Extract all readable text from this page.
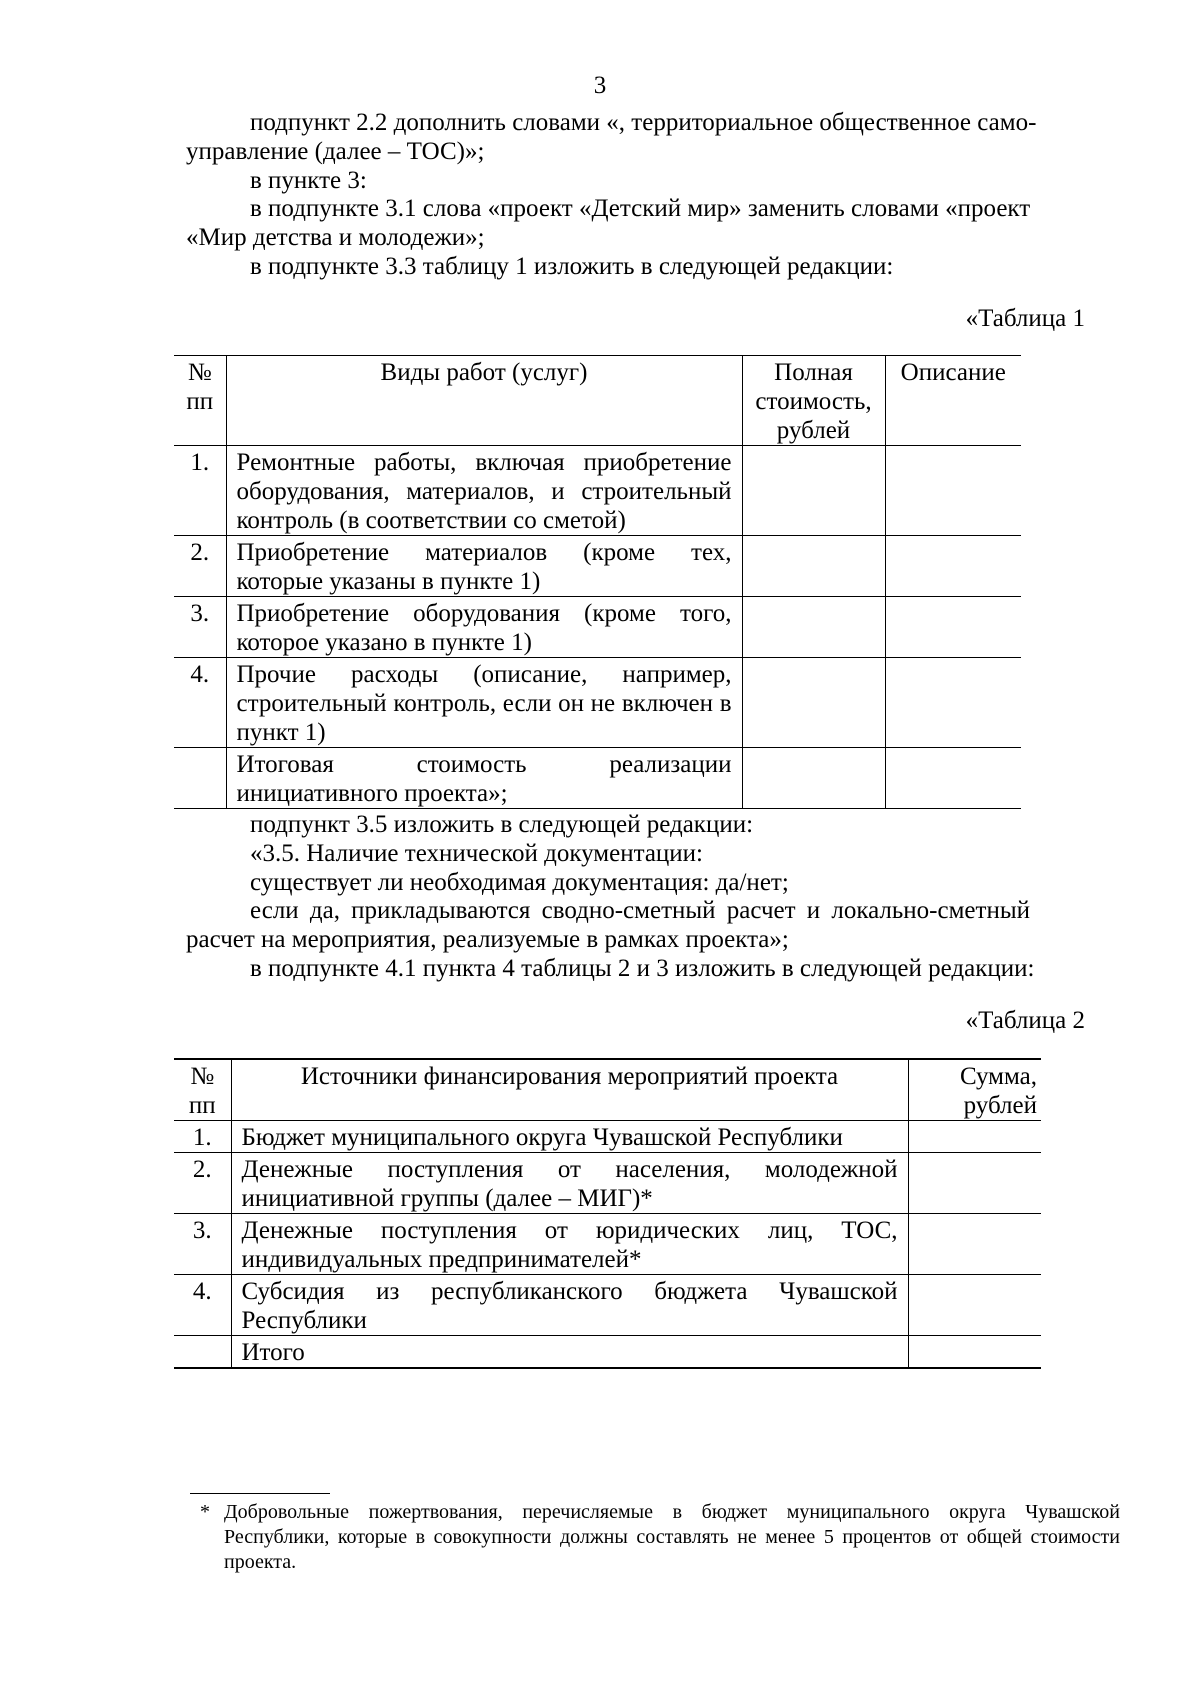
3
подпункт 2.2 дополнить словами «, территориальное общественное само-
управление (далее – ТОС)»;
в пункте 3:
в подпункте 3.1 слова «проект «Детский мир» заменить словами «проект
«Мир детства и молодежи»;
в подпункте 3.3 таблицу 1 изложить в следующей редакции:
«Таблица 1
№ пп	Виды работ (услуг)	Полная стоимость, рублей	Описание
1.	Ремонтные работы, включая приобретение оборудования, материалов, и строительный контроль (в соответствии со сметой)		
2.	Приобретение материалов (кроме тех, которые указаны в пункте 1)		
3.	Приобретение оборудования (кроме того, которое указано в пункте 1)		
4.	Прочие расходы (описание, например, строительный контроль, если он не включен в пункт 1)		
	Итоговая стоимость реализации инициативного проекта»;		
подпункт 3.5 изложить в следующей редакции:
«3.5. Наличие технической документации:
существует ли необходимая документация: да/нет;
если да, прикладываются сводно-сметный расчет и локально-сметный
расчет на мероприятия, реализуемые в рамках проекта»;
в подпункте 4.1 пункта 4 таблицы 2 и 3 изложить в следующей редакции:
«Таблица 2
№ пп	Источники финансирования мероприятий проекта	Сумма, рублей
1.	Бюджет муниципального округа Чувашской Республики	
2.	Денежные поступления от населения, молодежной инициативной группы (далее – МИГ)*	
3.	Денежные поступления от юридических лиц, ТОС, индивидуальных предпринимателей*	
4.	Субсидия из республиканского бюджета Чувашской Республики	
	Итого	
* Добровольные пожертвования, перечисляемые в бюджет муниципального округа Чувашской Республики, которые в совокупности должны составлять не менее 5 процентов от общей стоимости проекта.
